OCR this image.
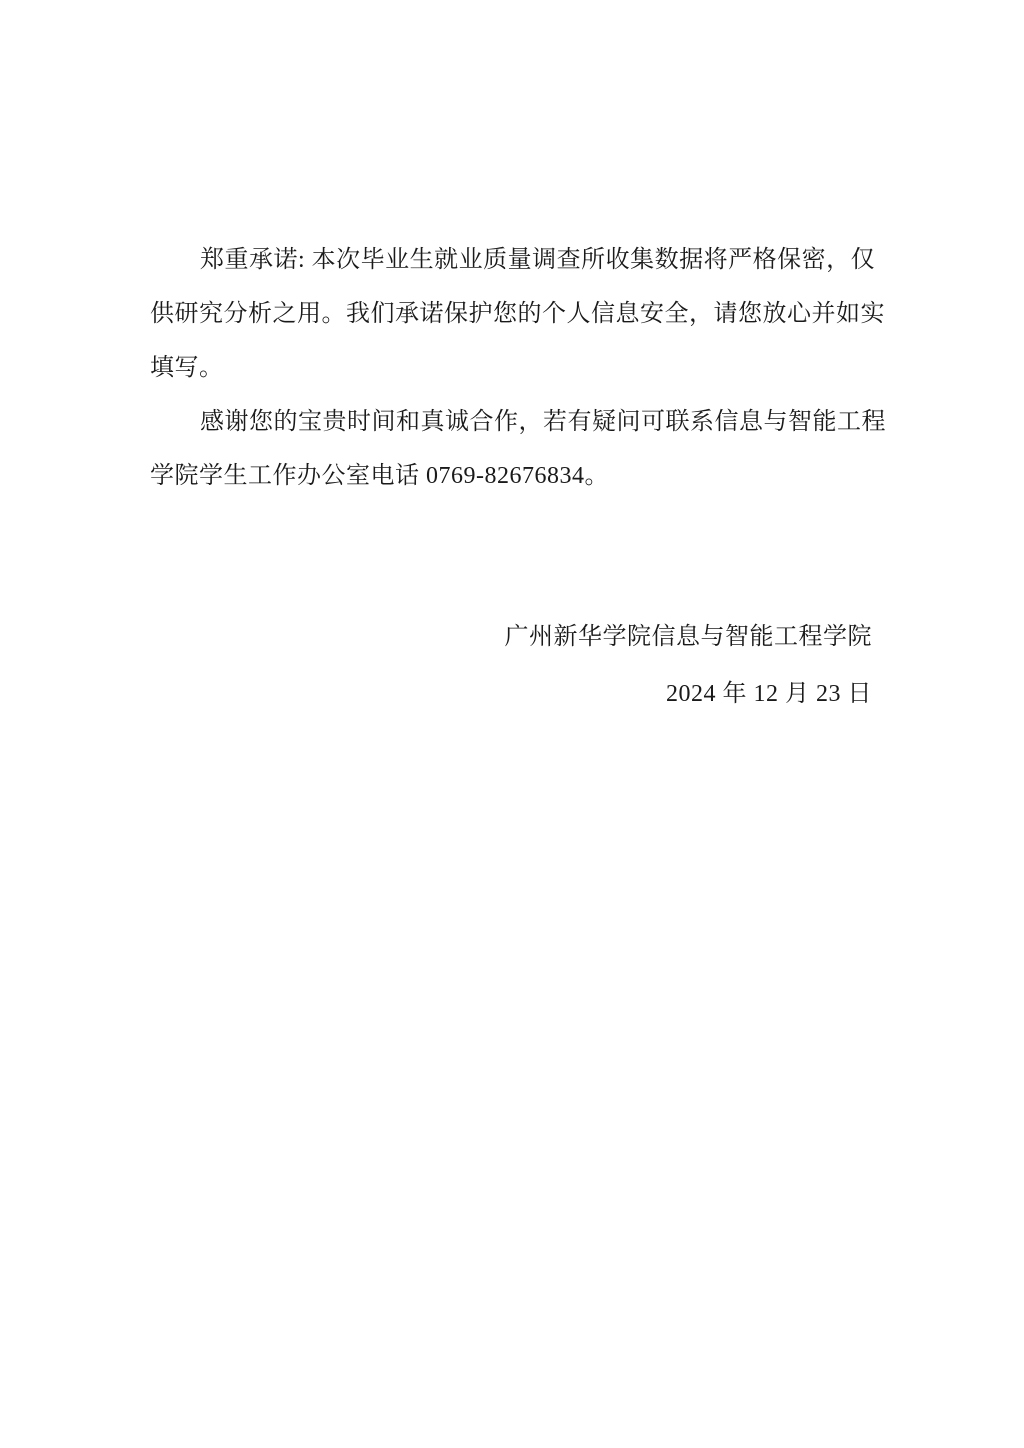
郑重承诺: 本次毕业生就业质量调查所收集数据将严格保密，仅
供研究分析之用。我们承诺保护您的个人信息安全，请您放心并如实
填写。

感谢您的宝贵时间和真诚合作，若有疑问可联系信息与智能工程
学院学生工作办公室电话 0769-82676834。

广州新华学院信息与智能工程学院
2024 年 12 月 23 日
